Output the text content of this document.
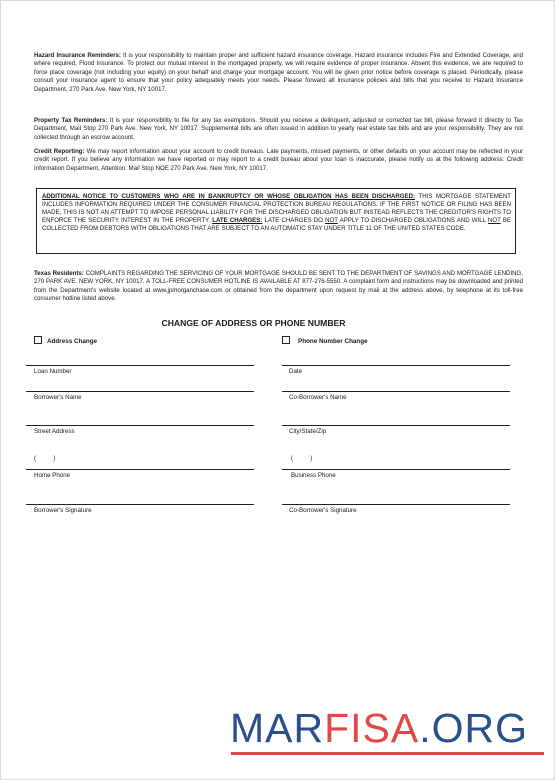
Hazard Insurance Reminders: It is your responsibility to maintain proper and sufficient hazard insurance coverage. Hazard insurance includes Fire and Extended Coverage, and where required, Flood Insurance. To protect our mutual interest in the mortgaged property, we will require evidence of proper insurance. Absent this evidence, we are required to force place coverage (not including your equity) on your behalf and charge your mortgage account. You will be given prior notice before coverage is placed. Periodically, please consult your insurance agent to ensure that your policy adequately meets your needs. Please forward all insurance policies and bills that you receive to Hazard Insurance Department, 270 Park Ave. New York, NY 10017.
Property Tax Reminders: It is your responsibility to file for any tax exemptions. Should you receive a delinquent, adjusted or corrected tax bill, please forward it directly to Tax Department, Mail Stop 270 Park Ave. New York, NY 10017. Supplemental bills are often issued in addition to yearly real estate tax bills and are your responsibility. They are not collected through an escrow account.
Credit Reporting: We may report information about your account to credit bureaus. Late payments, missed payments, or other defaults on your account may be reflected in your credit report. If you believe any information we have reported or may report to a credit bureau about your loan is inaccurate, please notify us at the following address: Credit Information Department, Attention: Mail Stop NOE 270 Park Ave. New York, NY 10017.
ADDITIONAL NOTICE TO CUSTOMERS WHO ARE IN BANKRUPTCY OR WHOSE OBLIGATION HAS BEEN DISCHARGED: THIS MORTGAGE STATEMENT INCLUDES INFORMATION REQUIRED UNDER THE CONSUMER FINANCIAL PROTECTION BUREAU REGULATIONS. IF THE FIRST NOTICE OR FILING HAS BEEN MADE, THIS IS NOT AN ATTEMPT TO IMPOSE PERSONAL LIABILITY FOR THE DISCHARGED OBLIGATION BUT INSTEAD REFLECTS THE CREDITOR'S RIGHTS TO ENFORCE THE SECURITY INTEREST IN THE PROPERTY. LATE CHARGES: LATE CHARGES DO NOT APPLY TO DISCHARGED OBLIGATIONS AND WILL NOT BE COLLECTED FROM DEBTORS WITH OBLIGATIONS THAT ARE SUBJECT TO AN AUTOMATIC STAY UNDER TITLE 11 OF THE UNITED STATES CODE.
Texas Residents: COMPLAINTS REGARDING THE SERVICING OF YOUR MORTGAGE SHOULD BE SENT TO THE DEPARTMENT OF SAVINGS AND MORTGAGE LENDING, 270 PARK AVE. NEW YORK, NY 10017. A TOLL-FREE CONSUMER HOTLINE IS AVAILABLE AT 877-276-5550. A complaint form and instructions may be downloaded and printed from the Department's website located at www.jpmorganchase.com or obtained from the department upon request by mail at the address above, by telephone at its toll-free consumer hotline listed above.
CHANGE OF ADDRESS OR PHONE NUMBER
Address Change	Phone Number Change
Loan Number	Date
Borrower's Name	Co-Borrower's Name
Street Address	City/State/Zip
(          )	(          )
Home Phone	Business Phone
Borrower's Signature	Co-Borrower's Signature
MARFISA.ORG
